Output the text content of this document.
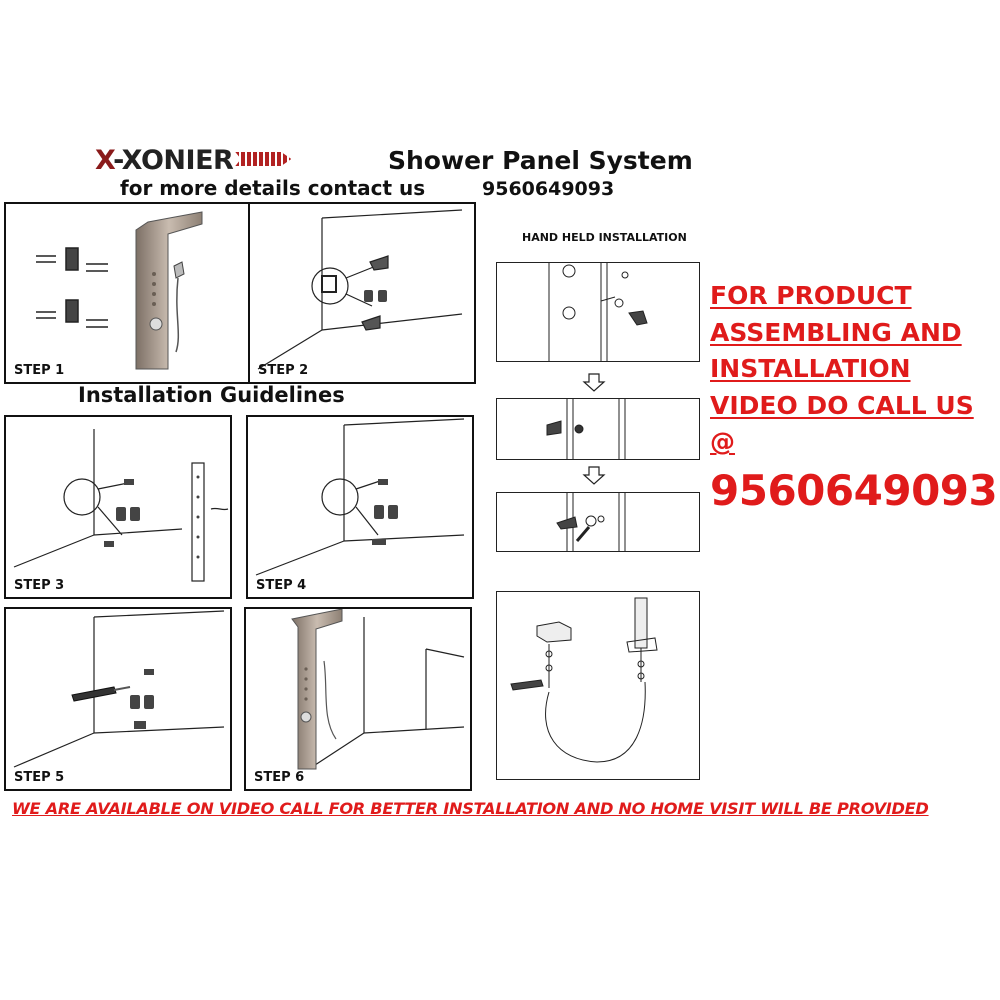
X-XONIER	Shower Panel System
for more details contact us	9560649093
STEP 1	STEP 2
Installation Guidelines
STEP 3	STEP 4
STEP 5	STEP 6
HAND HELD INSTALLATION
FOR PRODUCT
ASSEMBLING AND
INSTALLATION
VIDEO DO CALL US
@
9560649093
WE ARE AVAILABLE ON VIDEO CALL FOR BETTER INSTALLATION AND NO HOME VISIT WILL BE PROVIDED
